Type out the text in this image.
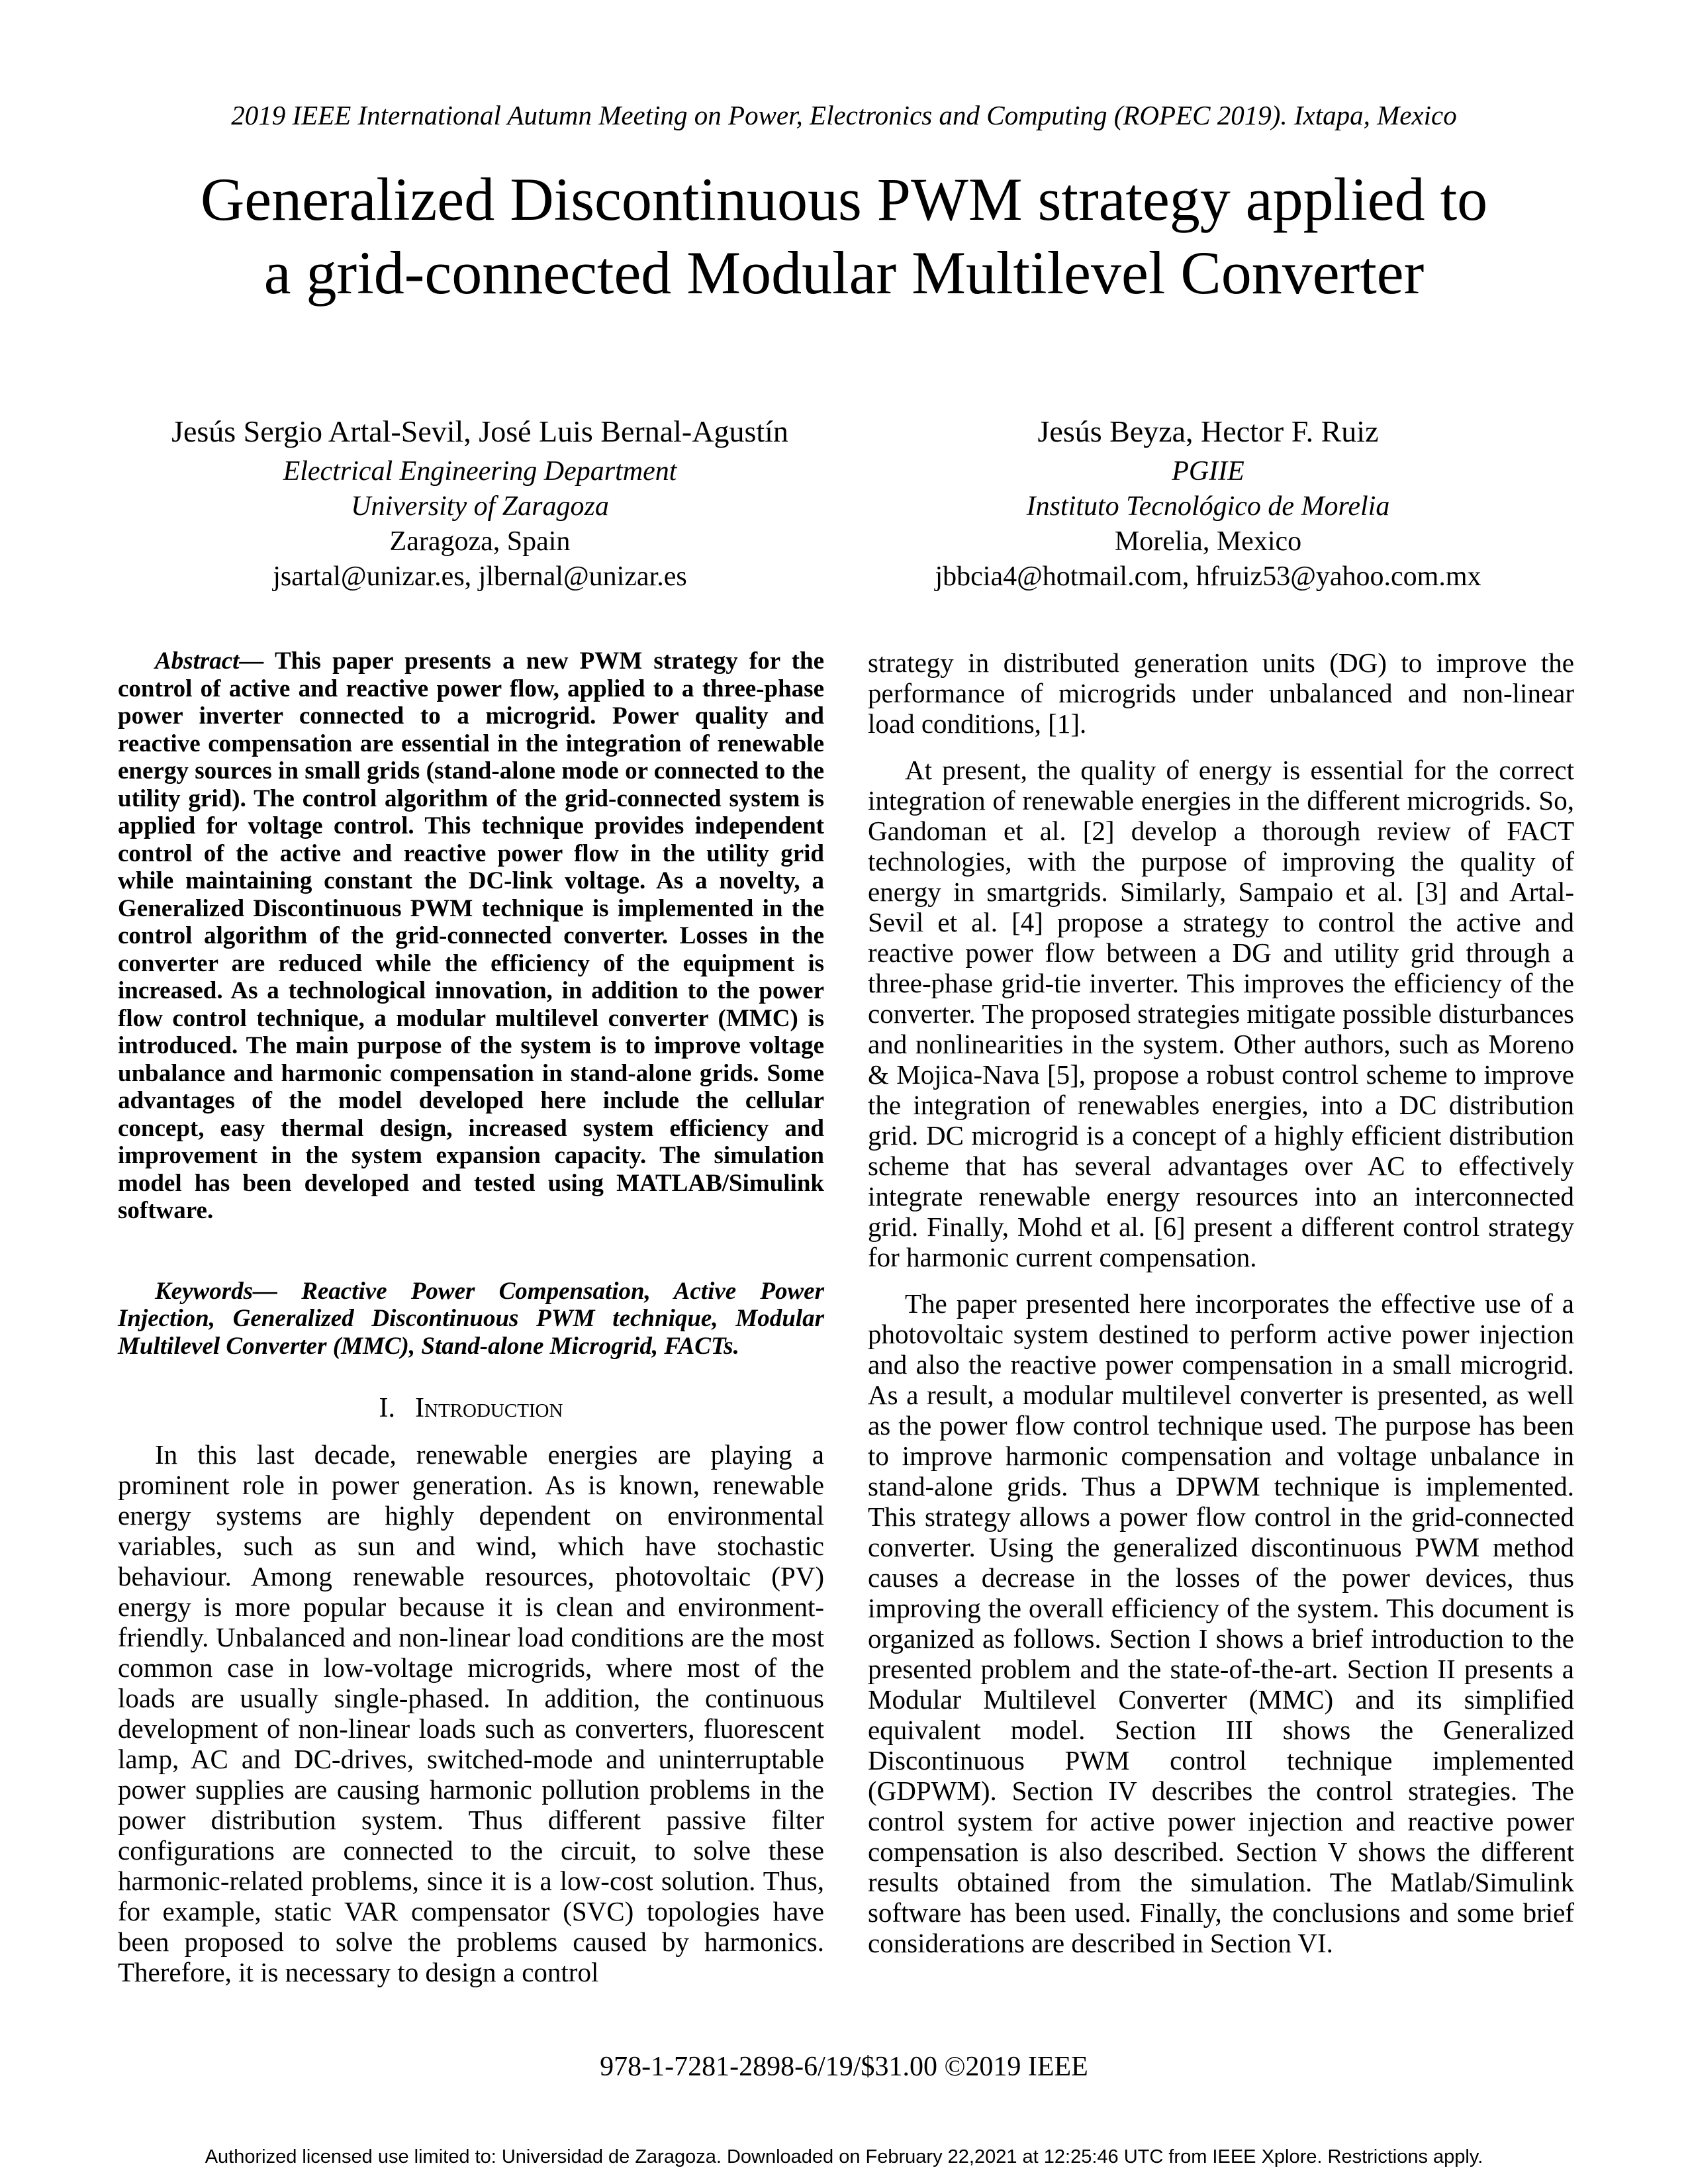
2019 IEEE International Autumn Meeting on Power, Electronics and Computing (ROPEC 2019). Ixtapa, Mexico
Generalized Discontinuous PWM strategy applied to
a grid-connected Modular Multilevel Converter
Jesús Sergio Artal-Sevil, José Luis Bernal-Agustín
Electrical Engineering Department
University of Zaragoza
Zaragoza, Spain
jsartal@unizar.es, jlbernal@unizar.es
Jesús Beyza, Hector F. Ruiz
PGIIE
Instituto Tecnológico de Morelia
Morelia, Mexico
jbbcia4@hotmail.com, hfruiz53@yahoo.com.mx

Abstract— This paper presents a new PWM strategy for the control of active and reactive power flow, applied to a three-phase power inverter connected to a microgrid. Power quality and reactive compensation are essential in the integration of renewable energy sources in small grids (stand-alone mode or connected to the utility grid). The control algorithm of the grid-connected system is applied for voltage control. This technique provides independent control of the active and reactive power flow in the utility grid while maintaining constant the DC-link voltage. As a novelty, a Generalized Discontinuous PWM technique is implemented in the control algorithm of the grid-connected converter. Losses in the converter are reduced while the efficiency of the equipment is increased. As a technological innovation, in addition to the power flow control technique, a modular multilevel converter (MMC) is introduced. The main purpose of the system is to improve voltage unbalance and harmonic compensation in stand-alone grids. Some advantages of the model developed here include the cellular concept, easy thermal design, increased system efficiency and improvement in the system expansion capacity. The simulation model has been developed and tested using MATLAB/Simulink software.

Keywords— Reactive Power Compensation, Active Power Injection, Generalized Discontinuous PWM technique, Modular Multilevel Converter (MMC), Stand-alone Microgrid, FACTs.

I. Introduction

In this last decade, renewable energies are playing a prominent role in power generation. As is known, renewable energy systems are highly dependent on environmental variables, such as sun and wind, which have stochastic behaviour. Among renewable resources, photovoltaic (PV) energy is more popular because it is clean and environment-friendly. Unbalanced and non-linear load conditions are the most common case in low-voltage microgrids, where most of the loads are usually single-phased. In addition, the continuous development of non-linear loads such as converters, fluorescent lamp, AC and DC-drives, switched-mode and uninterruptable power supplies are causing harmonic pollution problems in the power distribution system. Thus different passive filter configurations are connected to the circuit, to solve these harmonic-related problems, since it is a low-cost solution. Thus, for example, static VAR compensator (SVC) topologies have been proposed to solve the problems caused by harmonics. Therefore, it is necessary to design a control

strategy in distributed generation units (DG) to improve the performance of microgrids under unbalanced and non-linear load conditions, [1].

At present, the quality of energy is essential for the correct integration of renewable energies in the different microgrids. So, Gandoman et al. [2] develop a thorough review of FACT technologies, with the purpose of improving the quality of energy in smartgrids. Similarly, Sampaio et al. [3] and Artal-Sevil et al. [4] propose a strategy to control the active and reactive power flow between a DG and utility grid through a three-phase grid-tie inverter. This improves the efficiency of the converter. The proposed strategies mitigate possible disturbances and nonlinearities in the system. Other authors, such as Moreno & Mojica-Nava [5], propose a robust control scheme to improve the integration of renewables energies, into a DC distribution grid. DC microgrid is a concept of a highly efficient distribution scheme that has several advantages over AC to effectively integrate renewable energy resources into an interconnected grid. Finally, Mohd et al. [6] present a different control strategy for harmonic current compensation.

The paper presented here incorporates the effective use of a photovoltaic system destined to perform active power injection and also the reactive power compensation in a small microgrid. As a result, a modular multilevel converter is presented, as well as the power flow control technique used. The purpose has been to improve harmonic compensation and voltage unbalance in stand-alone grids. Thus a DPWM technique is implemented. This strategy allows a power flow control in the grid-connected converter. Using the generalized discontinuous PWM method causes a decrease in the losses of the power devices, thus improving the overall efficiency of the system. This document is organized as follows. Section I shows a brief introduction to the presented problem and the state-of-the-art. Section II presents a Modular Multilevel Converter (MMC) and its simplified equivalent model. Section III shows the Generalized Discontinuous PWM control technique implemented (GDPWM). Section IV describes the control strategies. The control system for active power injection and reactive power compensation is also described. Section V shows the different results obtained from the simulation. The Matlab/Simulink software has been used. Finally, the conclusions and some brief considerations are described in Section VI.

978-1-7281-2898-6/19/$31.00 ©2019 IEEE
Authorized licensed use limited to: Universidad de Zaragoza. Downloaded on February 22,2021 at 12:25:46 UTC from IEEE Xplore. Restrictions apply.
